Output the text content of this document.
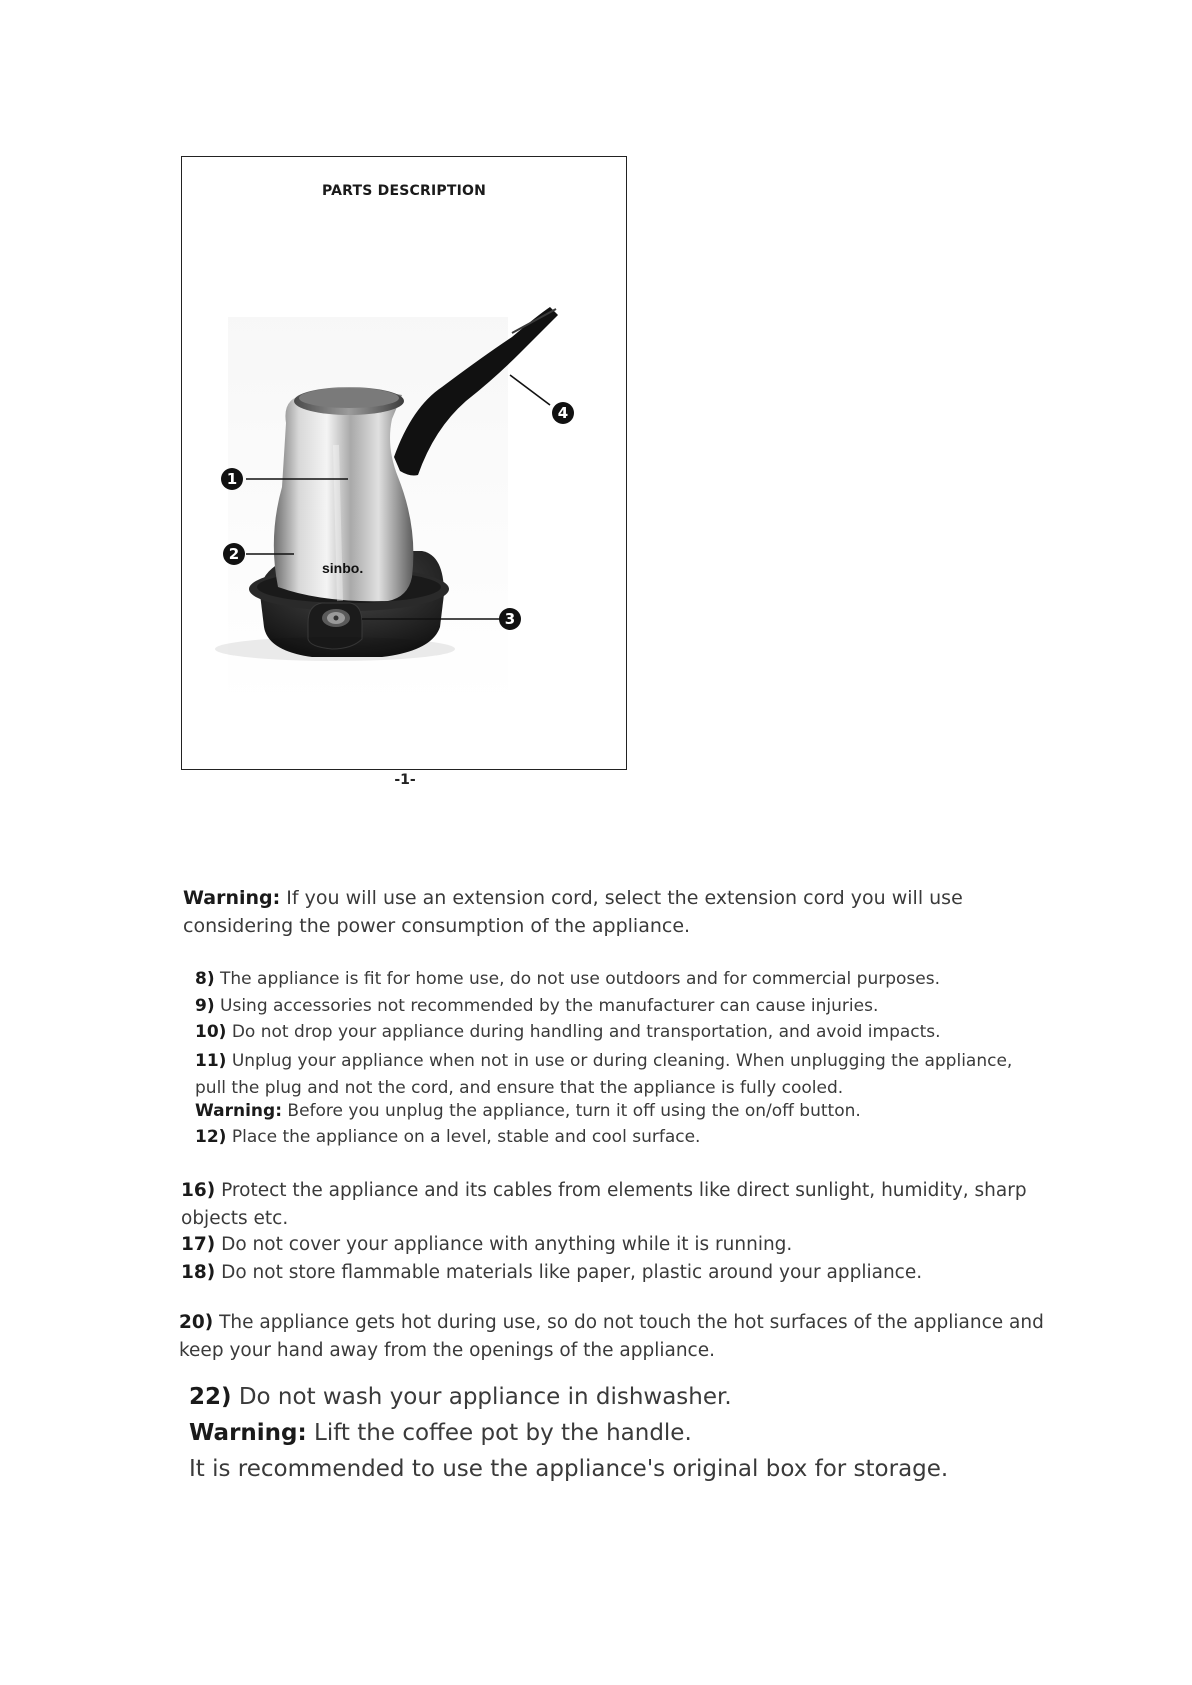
PARTS DESCRIPTION
sinbo.
1
2
3
4
-1-
Warning: If you will use an extension cord, select the extension cord you will use considering the power consumption of the appliance.
8) The appliance is fit for home use, do not use outdoors and for commercial purposes.
9) Using accessories not recommended by the manufacturer can cause injuries.
10) Do not drop your appliance during handling and transportation, and avoid impacts.
11) Unplug your appliance when not in use or during cleaning. When unplugging the appliance, pull the plug and not the cord, and ensure that the appliance is fully cooled.
Warning: Before you unplug the appliance, turn it off using the on/off button.
12) Place the appliance on a level, stable and cool surface.
16) Protect the appliance and its cables from elements like direct sunlight, humidity, sharp objects etc.
17) Do not cover your appliance with anything while it is running.
18) Do not store flammable materials like paper, plastic around your appliance.
20) The appliance gets hot during use, so do not touch the hot surfaces of the appliance and keep your hand away from the openings of the appliance.
22) Do not wash your appliance in dishwasher.
Warning: Lift the coffee pot by the handle.
It is recommended to use the appliance's original box for storage.
